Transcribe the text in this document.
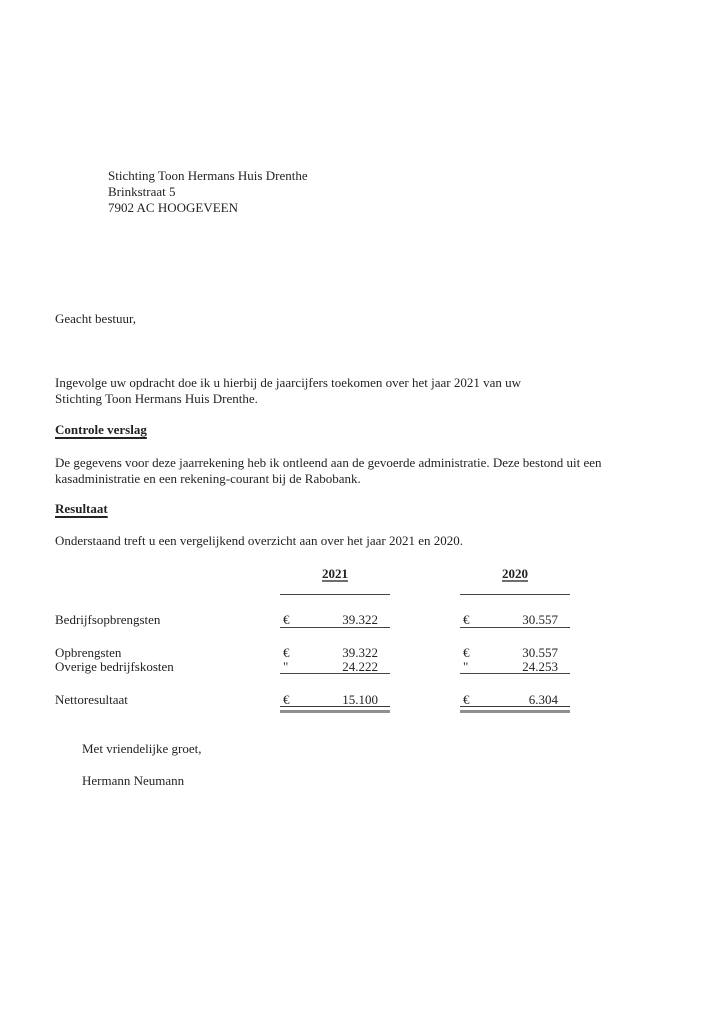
Stichting Toon Hermans Huis Drenthe
Brinkstraat 5
7902 AC HOOGEVEEN
Geacht bestuur,
Ingevolge uw opdracht doe ik u hierbij de jaarcijfers toekomen over het jaar 2021 van uw
Stichting Toon Hermans Huis Drenthe.
Controle verslag
De gegevens voor deze jaarrekening heb ik ontleend aan de gevoerde administratie. Deze bestond uit een
kasadministratie en een rekening-courant bij de Rabobank.
Resultaat
Onderstaand treft u een vergelijkend overzicht aan over het jaar 2021 en 2020.
2021	2020
Bedrijfsopbrengsten	€	39.322	€	30.557
Opbrengsten	€	39.322	€	30.557
Overige bedrijfskosten	"	24.222	"	24.253
Nettoresultaat	€	15.100	€	6.304
Met vriendelijke groet,
Hermann Neumann
